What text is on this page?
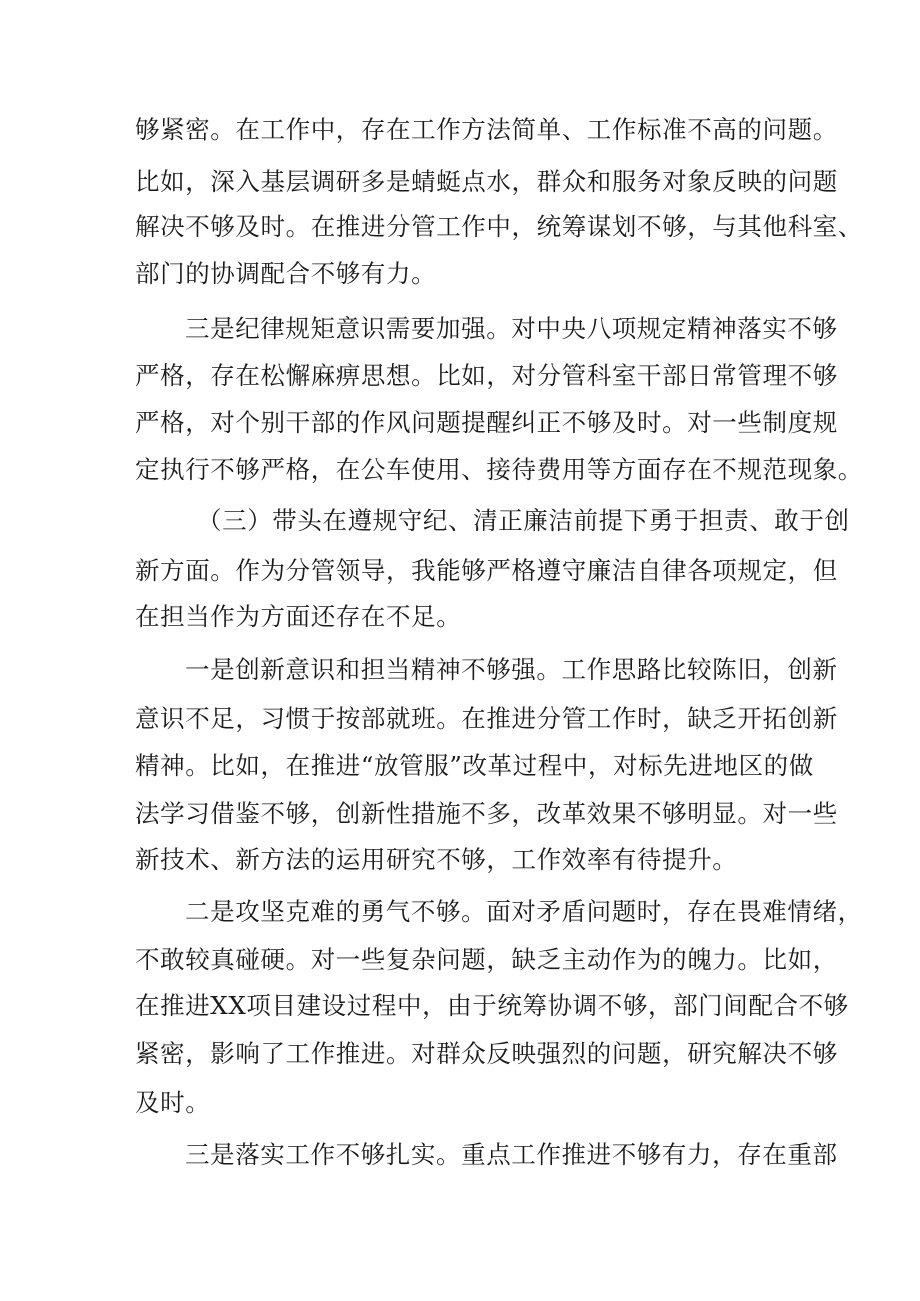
够紧密。在工作中，存在工作方法简单、工作标准不高的问题。
比如，深入基层调研多是蜻蜓点水，群众和服务对象反映的问题
解决不够及时。在推进分管工作中，统筹谋划不够，与其他科室、
部门的协调配合不够有力。
三是纪律规矩意识需要加强。对中央八项规定精神落实不够
严格，存在松懈麻痹思想。比如，对分管科室干部日常管理不够
严格，对个别干部的作风问题提醒纠正不够及时。对一些制度规
定执行不够严格，在公车使用、接待费用等方面存在不规范现象。
（三）带头在遵规守纪、清正廉洁前提下勇于担责、敢于创
新方面。作为分管领导，我能够严格遵守廉洁自律各项规定，但
在担当作为方面还存在不足。
一是创新意识和担当精神不够强。工作思路比较陈旧，创新
意识不足，习惯于按部就班。在推进分管工作时，缺乏开拓创新
精神。比如，在推进“放管服”改革过程中，对标先进地区的做
法学习借鉴不够，创新性措施不多，改革效果不够明显。对一些
新技术、新方法的运用研究不够，工作效率有待提升。
二是攻坚克难的勇气不够。面对矛盾问题时，存在畏难情绪，
不敢较真碰硬。对一些复杂问题，缺乏主动作为的魄力。比如，
在推进XX项目建设过程中，由于统筹协调不够，部门间配合不够
紧密，影响了工作推进。对群众反映强烈的问题，研究解决不够
及时。
三是落实工作不够扎实。重点工作推进不够有力，存在重部
